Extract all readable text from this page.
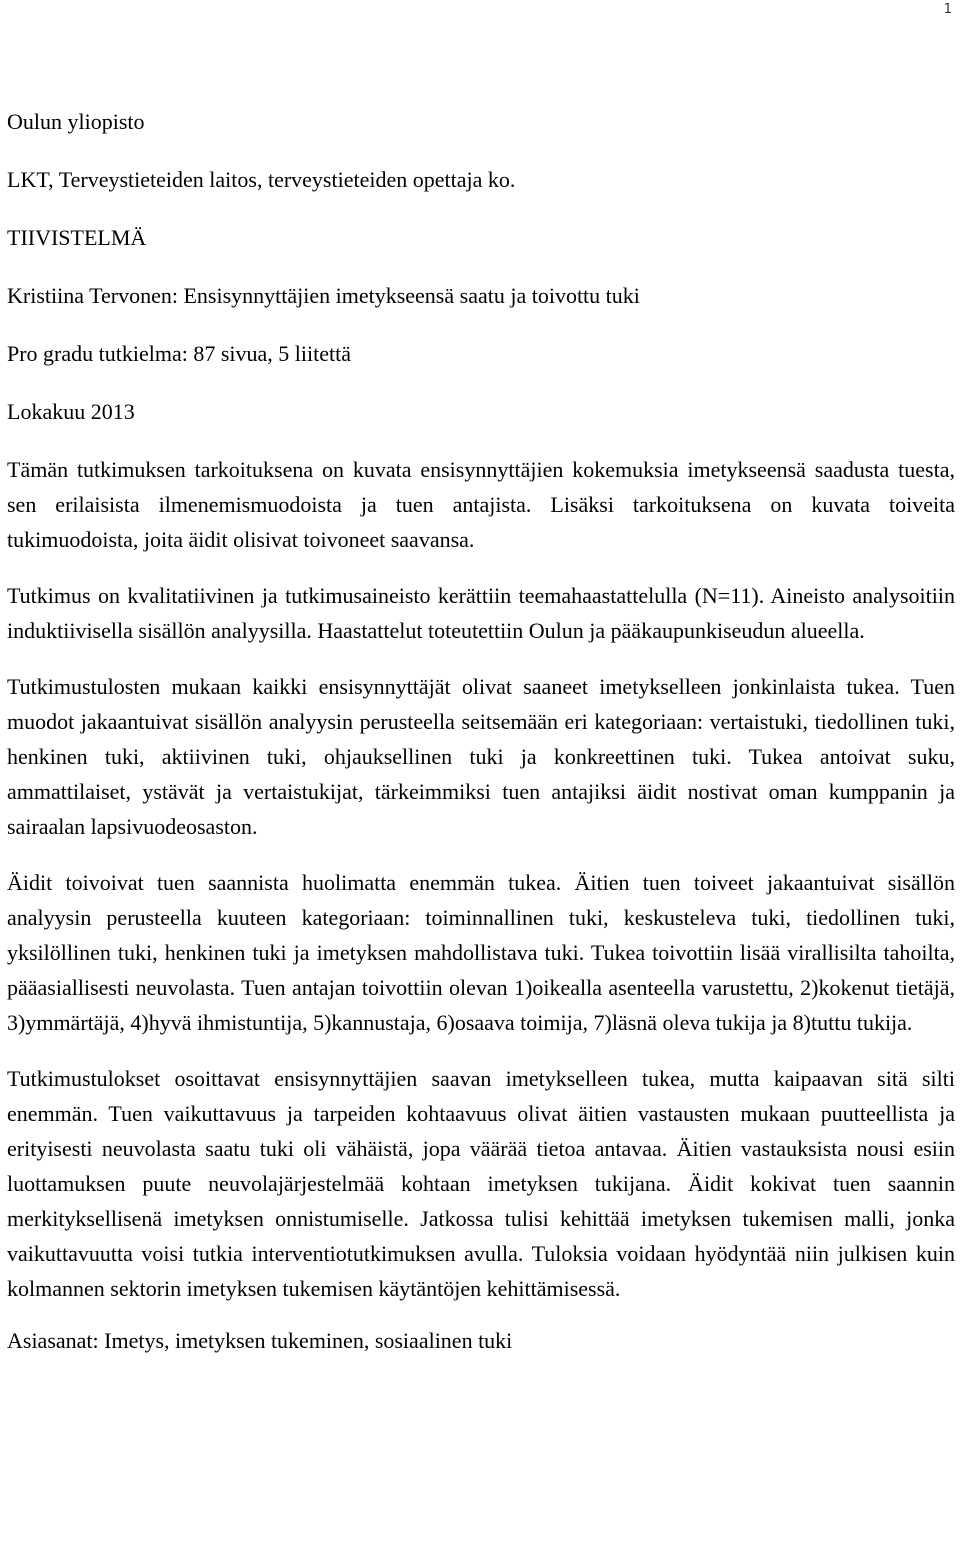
1

Oulun yliopisto

LKT, Terveystieteiden laitos, terveystieteiden opettaja ko.

TIIVISTELMÄ

Kristiina Tervonen: Ensisynnyttäjien imetykseensä saatu ja toivottu tuki

Pro gradu tutkielma: 87 sivua, 5 liitettä

Lokakuu 2013

Tämän tutkimuksen tarkoituksena on kuvata ensisynnyttäjien kokemuksia imetykseensä saadusta tuesta, sen erilaisista ilmenemismuodoista ja tuen antajista. Lisäksi tarkoituksena on kuvata toiveita tukimuodoista, joita äidit olisivat toivoneet saavansa.

Tutkimus on kvalitatiivinen ja tutkimusaineisto kerättiin teemahaastattelulla (N=11). Aineisto analysoitiin induktiivisella sisällön analyysilla. Haastattelut toteutettiin Oulun ja pääkaupunkiseudun alueella.

Tutkimustulosten mukaan kaikki ensisynnyttäjät olivat saaneet imetykselleen jonkinlaista tukea. Tuen muodot jakaantuivat sisällön analyysin perusteella seitsemään eri kategoriaan: vertaistuki, tiedollinen tuki, henkinen tuki, aktiivinen tuki, ohjauksellinen tuki ja konkreettinen tuki. Tukea antoivat suku, ammattilaiset, ystävät ja vertaistukijat, tärkeimmiksi tuen antajiksi äidit nostivat oman kumppanin ja sairaalan lapsivuodeosaston.

Äidit toivoivat tuen saannista huolimatta enemmän tukea. Äitien tuen toiveet jakaantuivat sisällön analyysin perusteella kuuteen kategoriaan: toiminnallinen tuki, keskusteleva tuki, tiedollinen tuki, yksilöllinen tuki, henkinen tuki ja imetyksen mahdollistava tuki. Tukea toivottiin lisää virallisilta tahoilta, pääasiallisesti neuvolasta. Tuen antajan toivottiin olevan 1)oikealla asenteella varustettu, 2)kokenut tietäjä, 3)ymmärtäjä, 4)hyvä ihmistuntija, 5)kannustaja, 6)osaava toimija, 7)läsnä oleva tukija ja 8)tuttu tukija.

Tutkimustulokset osoittavat ensisynnyttäjien saavan imetykselleen tukea, mutta kaipaavan sitä silti enemmän. Tuen vaikuttavuus ja tarpeiden kohtaavuus olivat äitien vastausten mukaan puutteellista ja erityisesti neuvolasta saatu tuki oli vähäistä, jopa väärää tietoa antavaa. Äitien vastauksista nousi esiin luottamuksen puute neuvolajärjestelmää kohtaan imetyksen tukijana. Äidit kokivat tuen saannin merkityksellisenä imetyksen onnistumiselle. Jatkossa tulisi kehittää imetyksen tukemisen malli, jonka vaikuttavuutta voisi tutkia interventiotutkimuksen avulla. Tuloksia voidaan hyödyntää niin julkisen kuin kolmannen sektorin imetyksen tukemisen käytäntöjen kehittämisessä.

Asiasanat: Imetys, imetyksen tukeminen, sosiaalinen tuki
